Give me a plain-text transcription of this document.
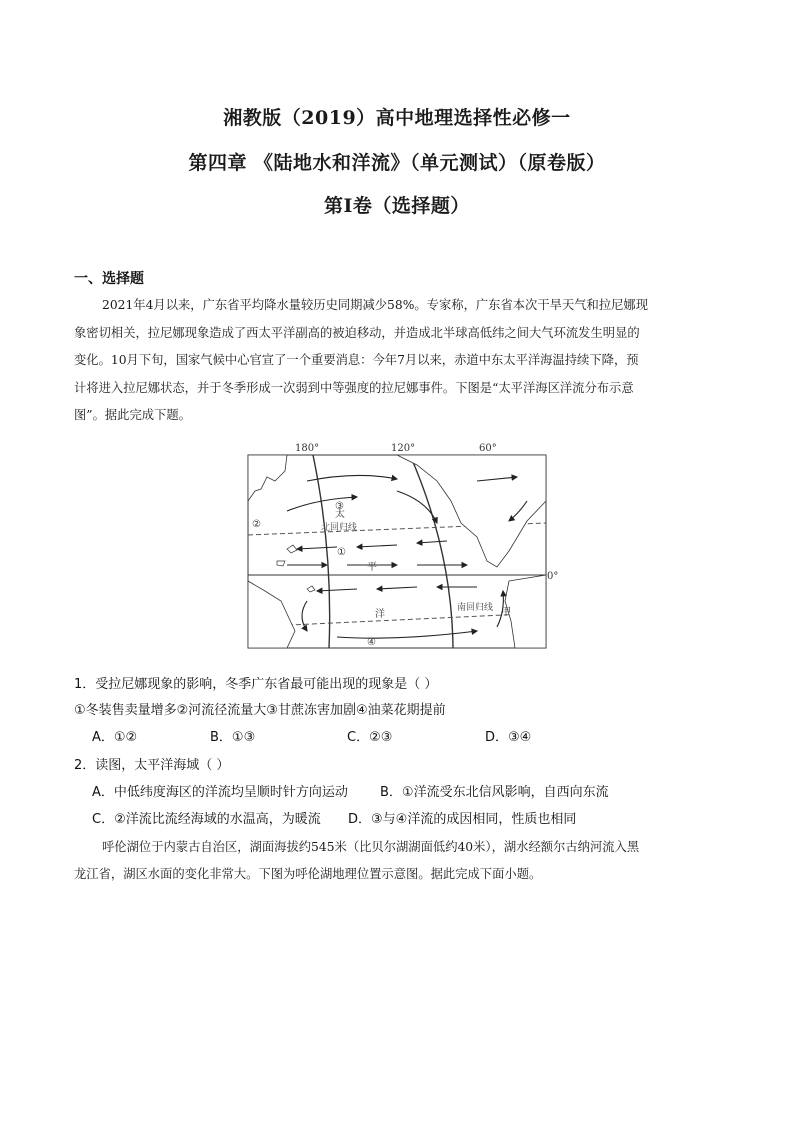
湘教版（2019）高中地理选择性必修一
第四章 《陆地水和洋流》（单元测试）（原卷版）
第Ⅰ卷（选择题）
一、选择题
2021年4月以来，广东省平均降水量较历史同期减少58%。专家称，广东省本次干旱天气和拉尼娜现
象密切相关，拉尼娜现象造成了西太平洋副高的被迫移动，并造成北半球高低纬之间大气环流发生明显的
变化。10月下旬，国家气候中心官宣了一个重要消息：今年7月以来，赤道中东太平洋海温持续下降，预
计将进入拉尼娜状态，并于冬季形成一次弱到中等强度的拉尼娜事件。下图是“太平洋海区洋流分布示意
图”。据此完成下题。
180°	120°	60°
0°
北回归线
南回归线
太
平
洋
①
②
③
④
甲
1．受拉尼娜现象的影响，冬季广东省最可能出现的现象是（ ）
①冬装售卖量增多②河流径流量大③甘蔗冻害加剧④油菜花期提前
A．①②	B．①③	C．②③	D．③④
2．读图，太平洋海域（ ）
A．中低纬度海区的洋流均呈顺时针方向运动 B．①洋流受东北信风影响，自西向东流
C．②洋流比流经海域的水温高，为暖流 D．③与④洋流的成因相同，性质也相同
呼伦湖位于内蒙古自治区，湖面海拔约545米（比贝尔湖湖面低约40米），湖水经额尔古纳河流入黑
龙江省，湖区水面的变化非常大。下图为呼伦湖地理位置示意图。据此完成下面小题。
